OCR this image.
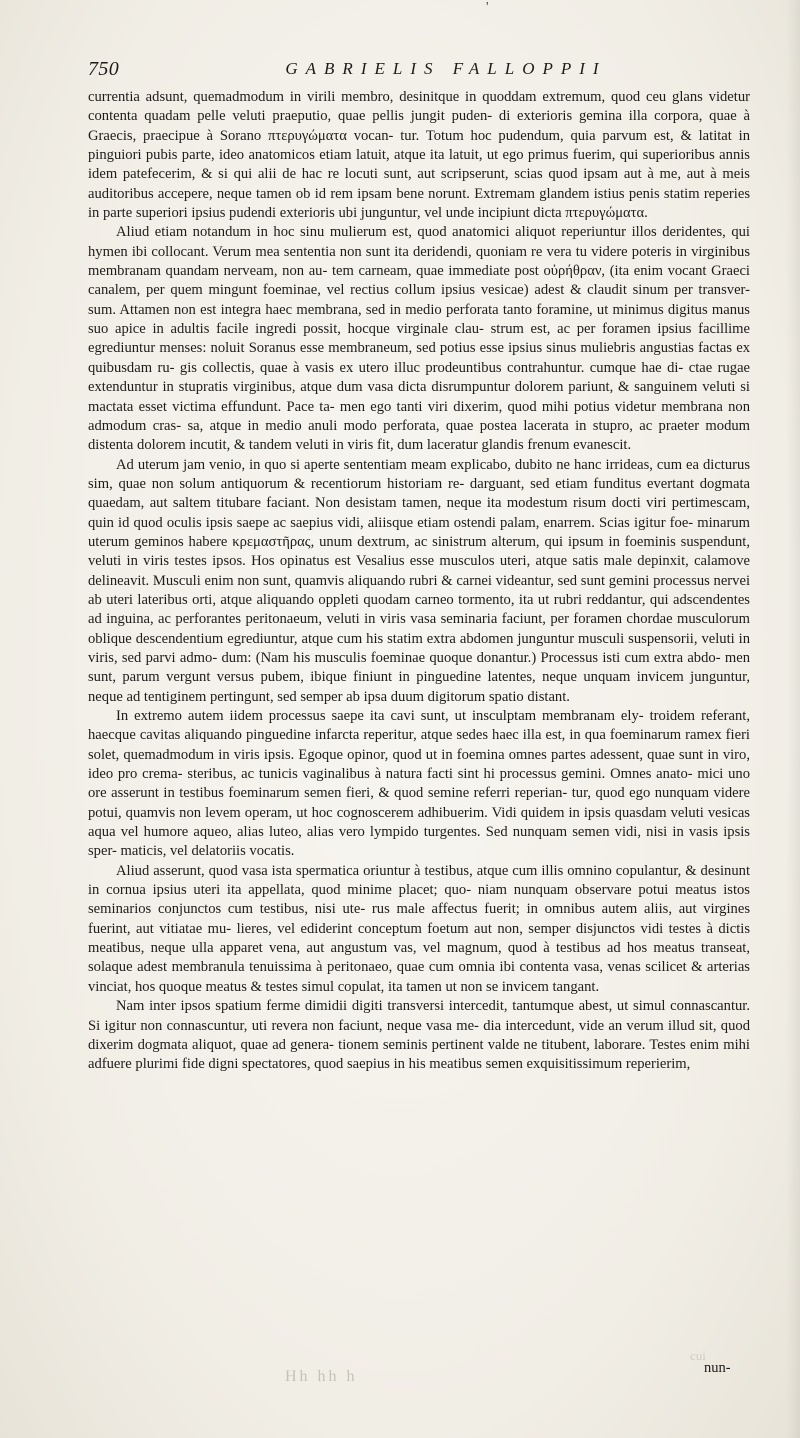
'
750	GABRIELIS FALLOPPII

currentia adsunt, quemadmodum in virili membro, desinitque in quoddam extremum, quod ceu glans videtur contenta quadam pelle veluti praeputio, quae pellis jungit puden- di exterioris gemina illa corpora, quae à Graecis, praecipue à Sorano πτερυγώματα vocan- tur. Totum hoc pudendum, quia parvum est, & latitat in pinguiori pubis parte, ideo anatomicos etiam latuit, atque ita latuit, ut ego primus fuerim, qui superioribus annis idem patefecerim, & si qui alii de hac re locuti sunt, aut scripserunt, scias quod ipsam aut à me, aut à meis auditoribus accepere, neque tamen ob id rem ipsam bene norunt. Extremam glandem istius penis statim reperies in parte superiori ipsius pudendi exterioris ubi junguntur, vel unde incipiunt dicta πτερυγώματα.

Aliud etiam notandum in hoc sinu mulierum est, quod anatomici aliquot reperiuntur illos deridentes, qui hymen ibi collocant. Verum mea sententia non sunt ita deridendi, quoniam re vera tu videre poteris in virginibus membranam quandam nerveam, non au- tem carneam, quae immediate post οὐρήθραν, (ita enim vocant Graeci canalem, per quem mingunt foeminae, vel rectius collum ipsius vesicae) adest & claudit sinum per transver- sum. Attamen non est integra haec membrana, sed in medio perforata tanto foramine, ut minimus digitus manus suo apice in adultis facile ingredi possit, hocque virginale clau- strum est, ac per foramen ipsius facillime egrediuntur menses: noluit Soranus esse membraneum, sed potius esse ipsius sinus muliebris angustias factas ex quibusdam ru- gis collectis, quae à vasis ex utero illuc prodeuntibus contrahuntur. cumque hae di- ctae rugae extenduntur in stupratis virginibus, atque dum vasa dicta disrumpuntur dolorem pariunt, & sanguinem veluti si mactata esset victima effundunt. Pace ta- men ego tanti viri dixerim, quod mihi potius videtur membrana non admodum cras- sa, atque in medio anuli modo perforata, quae postea lacerata in stupro, ac praeter modum distenta dolorem incutit, & tandem veluti in viris fit, dum laceratur glandis frenum evanescit.

Ad uterum jam venio, in quo si aperte sententiam meam explicabo, dubito ne hanc irrideas, cum ea dicturus sim, quae non solum antiquorum & recentiorum historiam re- darguant, sed etiam funditus evertant dogmata quaedam, aut saltem titubare faciant. Non desistam tamen, neque ita modestum risum docti viri pertimescam, quin id quod oculis ipsis saepe ac saepius vidi, aliisque etiam ostendi palam, enarrem. Scias igitur foe- minarum uterum geminos habere κρεμαστῆρας, unum dextrum, ac sinistrum alterum, qui ipsum in foeminis suspendunt, veluti in viris testes ipsos. Hos opinatus est Vesalius esse musculos uteri, atque satis male depinxit, calamove delineavit. Musculi enim non sunt, quamvis aliquando rubri & carnei videantur, sed sunt gemini processus nervei ab uteri lateribus orti, atque aliquando oppleti quodam carneo tormento, ita ut rubri reddantur, qui adscendentes ad inguina, ac perforantes peritonaeum, veluti in viris vasa seminaria faciunt, per foramen chordae musculorum oblique descendentium egrediuntur, atque cum his statim extra abdomen junguntur musculi suspensorii, veluti in viris, sed parvi admo- dum: (Nam his musculis foeminae quoque donantur.) Processus isti cum extra abdo- men sunt, parum vergunt versus pubem, ibique finiunt in pinguedine latentes, neque unquam invicem junguntur, neque ad tentiginem pertingunt, sed semper ab ipsa duum digitorum spatio distant.

In extremo autem iidem processus saepe ita cavi sunt, ut insculptam membranam ely- troidem referant, haecque cavitas aliquando pinguedine infarcta reperitur, atque sedes haec illa est, in qua foeminarum ramex fieri solet, quemadmodum in viris ipsis. Egoque opinor, quod ut in foemina omnes partes adessent, quae sunt in viro, ideo pro crema- steribus, ac tunicis vaginalibus à natura facti sint hi processus gemini. Omnes anato- mici uno ore asserunt in testibus foeminarum semen fieri, & quod semine referri reperian- tur, quod ego nunquam videre potui, quamvis non levem operam, ut hoc cognoscerem adhibuerim. Vidi quidem in ipsis quasdam veluti vesicas aqua vel humore aqueo, alias luteo, alias vero lympido turgentes. Sed nunquam semen vidi, nisi in vasis ipsis sper- maticis, vel delatoriis vocatis.

Aliud asserunt, quod vasa ista spermatica oriuntur à testibus, atque cum illis omnino copulantur, & desinunt in cornua ipsius uteri ita appellata, quod minime placet; quo- niam nunquam observare potui meatus istos seminarios conjunctos cum testibus, nisi ute- rus male affectus fuerit; in omnibus autem aliis, aut virgines fuerint, aut vitiatae mu- lieres, vel ediderint conceptum foetum aut non, semper disjunctos vidi testes à dictis meatibus, neque ulla apparet vena, aut angustum vas, vel magnum, quod à testibus ad hos meatus transeat, solaque adest membranula tenuissima à peritonaeo, quae cum omnia ibi contenta vasa, venas scilicet & arterias vinciat, hos quoque meatus & testes simul copulat, ita tamen ut non se invicem tangant.

Nam inter ipsos spatium ferme dimidii digiti transversi intercedit, tantumque abest, ut simul connascantur. Si igitur non connascuntur, uti revera non faciunt, neque vasa me- dia intercedunt, vide an verum illud sit, quod dixerim dogmata aliquot, quae ad genera- tionem seminis pertinent valde ne titubent, laborare. Testes enim mihi adfuere plurimi fide digni spectatores, quod saepius in his meatibus semen exquisitissimum reperierim,

nun-
Hh hh h
cui
